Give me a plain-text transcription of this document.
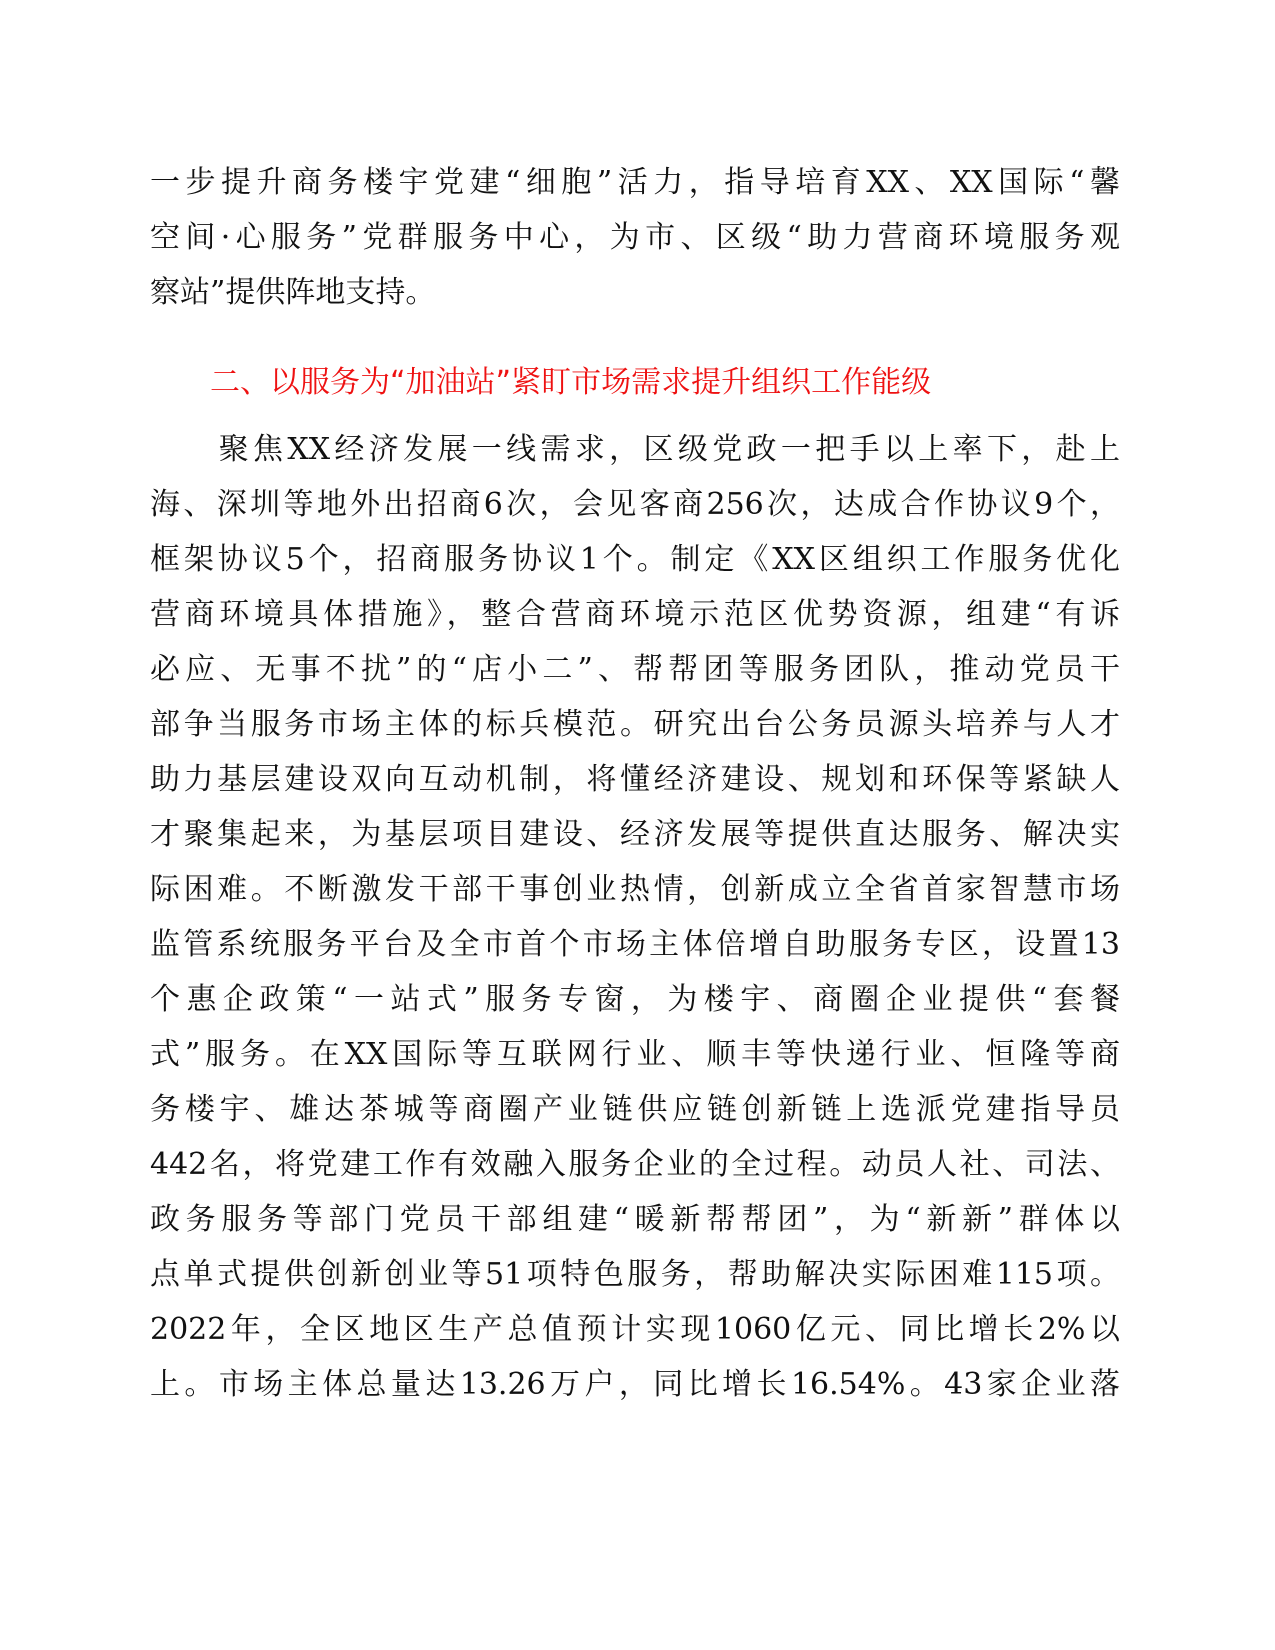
一步提升商务楼宇党建“细胞”活力，指导培育XX、XX国际“馨
空间·心服务”党群服务中心，为市、区级“助力营商环境服务观
察站”提供阵地支持。
二、以服务为“加油站”紧盯市场需求提升组织工作能级
　　聚焦XX经济发展一线需求，区级党政一把手以上率下，赴上
海、深圳等地外出招商6次，会见客商256次，达成合作协议9个，
框架协议5个，招商服务协议1个。制定《XX区组织工作服务优化
营商环境具体措施》，整合营商环境示范区优势资源，组建“有诉
必应、无事不扰”的“店小二”、帮帮团等服务团队，推动党员干
部争当服务市场主体的标兵模范。研究出台公务员源头培养与人才
助力基层建设双向互动机制，将懂经济建设、规划和环保等紧缺人
才聚集起来，为基层项目建设、经济发展等提供直达服务、解决实
际困难。不断激发干部干事创业热情，创新成立全省首家智慧市场
监管系统服务平台及全市首个市场主体倍增自助服务专区，设置13
个惠企政策“一站式”服务专窗，为楼宇、商圈企业提供“套餐
式”服务。在XX国际等互联网行业、顺丰等快递行业、恒隆等商
务楼宇、雄达茶城等商圈产业链供应链创新链上选派党建指导员
442名，将党建工作有效融入服务企业的全过程。动员人社、司法、
政务服务等部门党员干部组建“暖新帮帮团”，为“新新”群体以
点单式提供创新创业等51项特色服务，帮助解决实际困难115项。
2022年，全区地区生产总值预计实现1060亿元、同比增长2%以
上。市场主体总量达13.26万户，同比增长16.54%。43家企业落
